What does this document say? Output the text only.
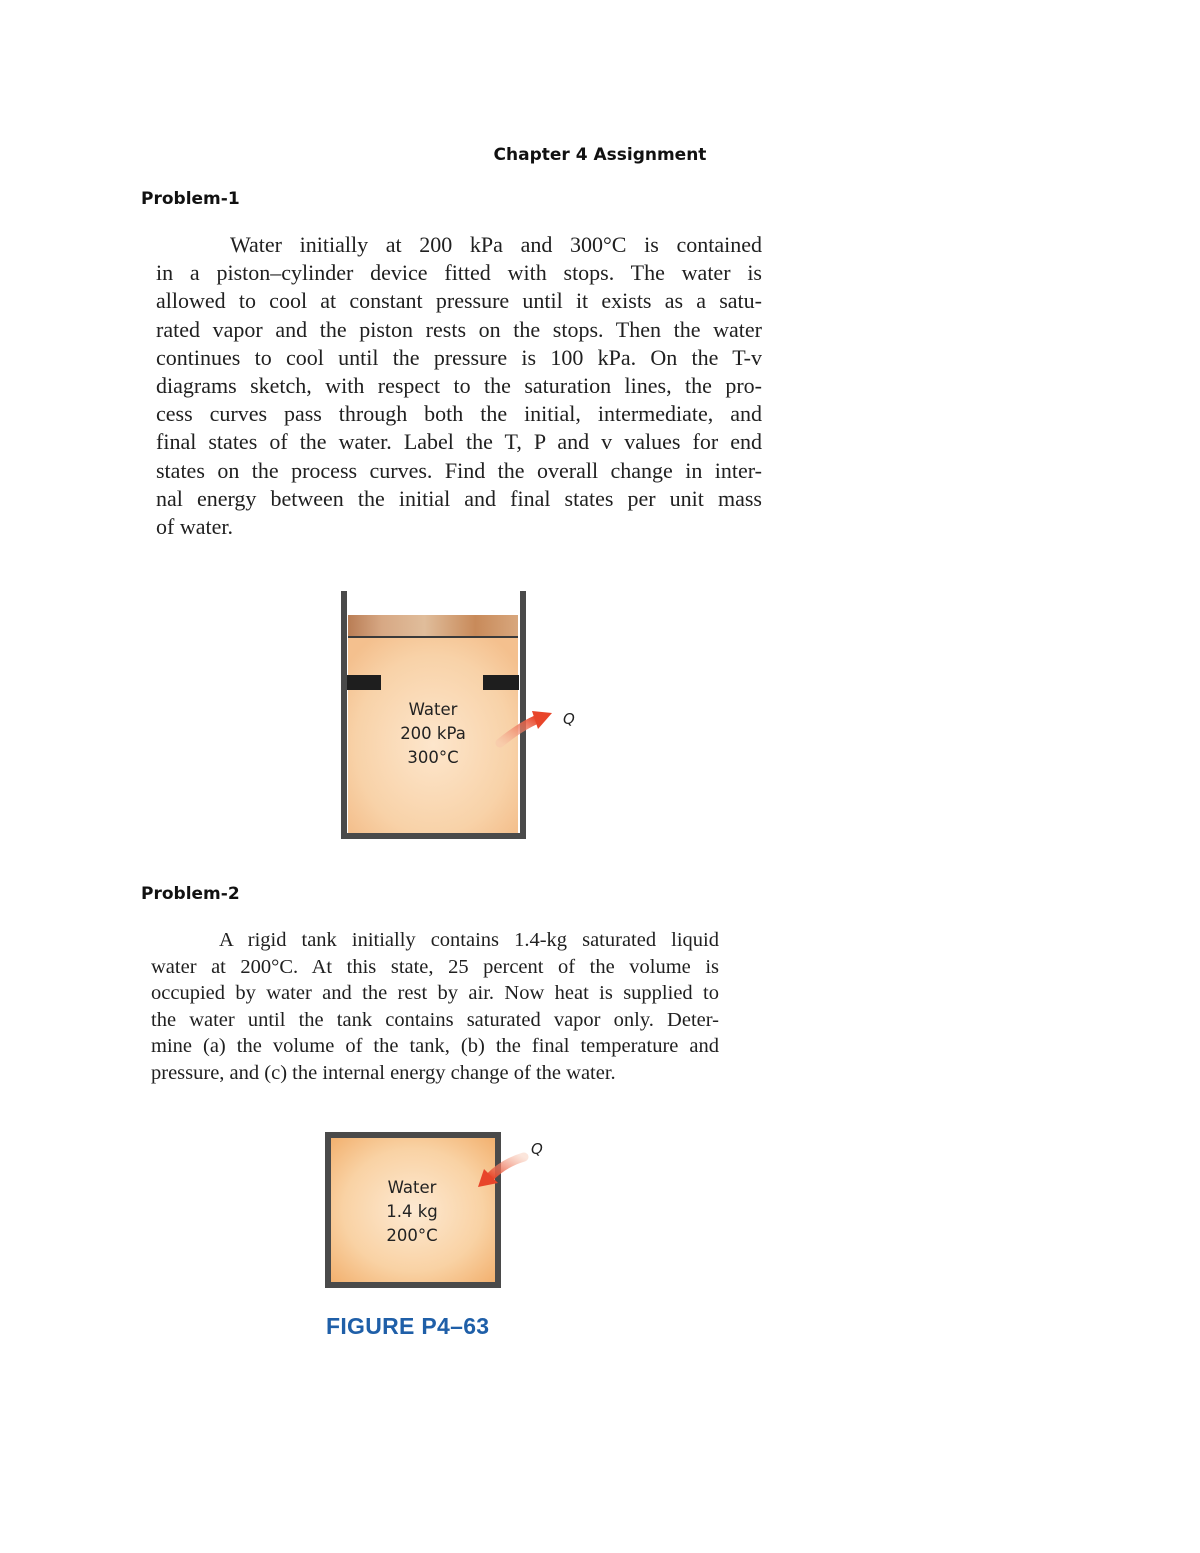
Chapter 4 Assignment
Problem-1
Water initially at 200 kPa and 300°C is contained
in a piston–cylinder device fitted with stops. The water is
allowed to cool at constant pressure until it exists as a satu-
rated vapor and the piston rests on the stops. Then the water
continues to cool until the pressure is 100 kPa. On the T-v
diagrams sketch, with respect to the saturation lines, the pro-
cess curves pass through both the initial, intermediate, and
final states of the water. Label the T, P and v values for end
states on the process curves. Find the overall change in inter-
nal energy between the initial and final states per unit mass
of water.
Water
200 kPa
300°C
Q
Problem-2
A rigid tank initially contains 1.4-kg saturated liquid
water at 200°C. At this state, 25 percent of the volume is
occupied by water and the rest by air. Now heat is supplied to
the water until the tank contains saturated vapor only. Deter-
mine (a) the volume of the tank, (b) the final temperature and
pressure, and (c) the internal energy change of the water.
Water
1.4 kg
200°C
Q
FIGURE P4–63
